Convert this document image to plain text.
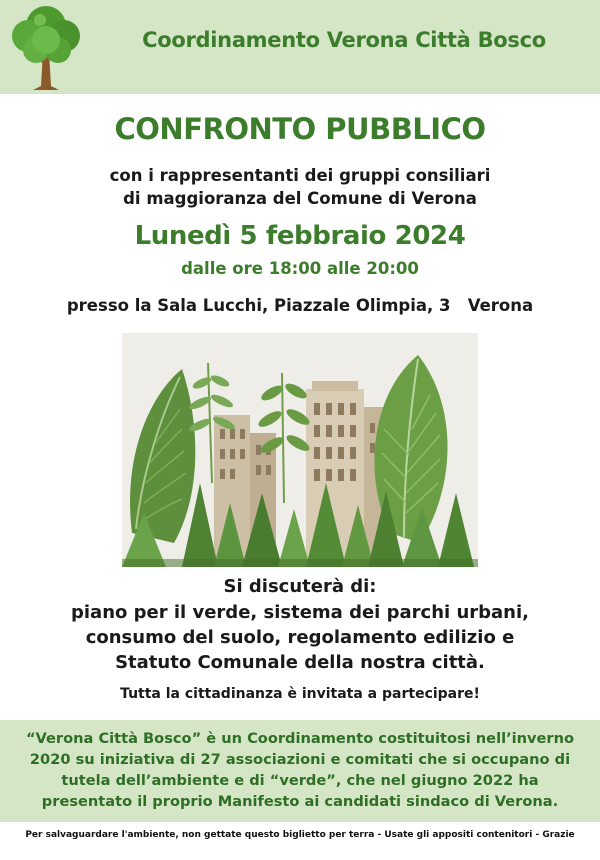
Coordinamento Verona Città Bosco
CONFRONTO PUBBLICO
con i rappresentanti dei gruppi consiliari
di maggioranza del Comune di Verona
Lunedì 5 febbraio 2024
dalle ore 18:00 alle 20:00
presso la Sala Lucchi, Piazzale Olimpia, 3   Verona
Si discuterà di:
piano per il verde, sistema dei parchi urbani,
consumo del suolo, regolamento edilizio e
Statuto Comunale della nostra città.
Tutta la cittadinanza è invitata a partecipare!
“Verona Città Bosco” è un Coordinamento costituitosi nell’inverno
2020 su iniziativa di 27 associazioni e comitati che si occupano di
tutela dell’ambiente e di “verde”, che nel giugno 2022 ha
presentato il proprio Manifesto ai candidati sindaco di Verona.
Per salvaguardare l'ambiente, non gettate questo biglietto per terra - Usate gli appositi contenitori - Grazie
